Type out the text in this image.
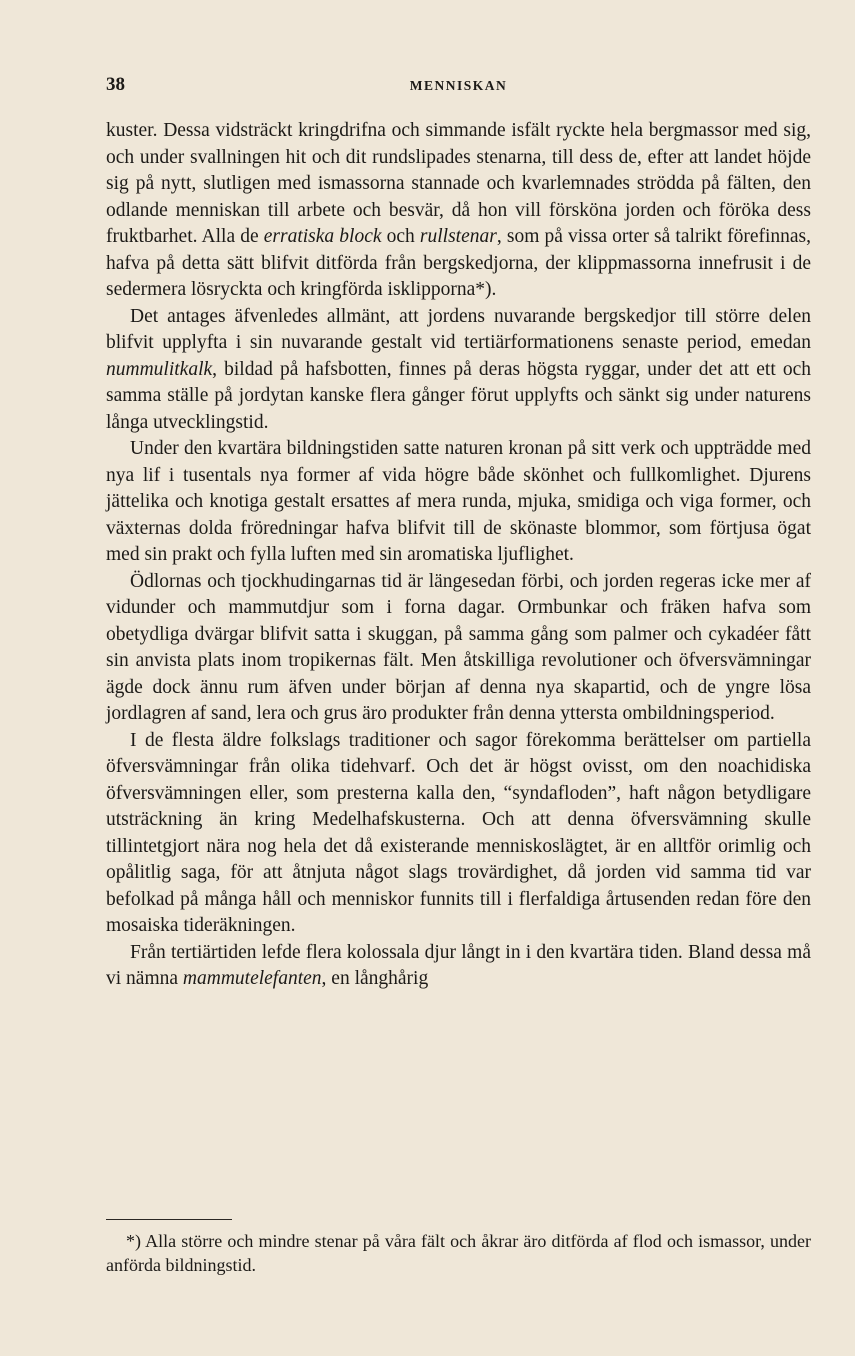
38	MENNISKAN

kuster. Dessa vidsträckt kringdrifna och simmande isfält ryckte hela bergmassor med sig, och under svallningen hit och dit rundslipades stenarna, till dess de, efter att landet höjde sig på nytt, slutligen med ismassorna stannade och kvarlemnades strödda på fälten, den odlande menniskan till arbete och besvär, då hon vill försköna jorden och föröka dess fruktbarhet. Alla de erratiska block och rullstenar, som på vissa orter så talrikt förefinnas, hafva på detta sätt blifvit ditförda från bergskedjorna, der klippmassorna innefrusit i de sedermera lösryckta och kringförda isklipporna*).

Det antages äfvenledes allmänt, att jordens nuvarande bergskedjor till större delen blifvit upplyfta i sin nuvarande gestalt vid tertiärformationens senaste period, emedan nummulitkalk, bildad på hafsbotten, finnes på deras högsta ryggar, under det att ett och samma ställe på jordytan kanske flera gånger förut upplyfts och sänkt sig under naturens långa utvecklingstid.

Under den kvartära bildningstiden satte naturen kronan på sitt verk och uppträdde med nya lif i tusentals nya former af vida högre både skönhet och fullkomlighet. Djurens jättelika och knotiga gestalt ersattes af mera runda, mjuka, smidiga och viga former, och växternas dolda fröredningar hafva blifvit till de skönaste blommor, som förtjusa ögat med sin prakt och fylla luften med sin aromatiska ljuflighet.

Ödlornas och tjockhudingarnas tid är längesedan förbi, och jorden regeras icke mer af vidunder och mammutdjur som i forna dagar. Ormbunkar och fräken hafva som obetydliga dvärgar blifvit satta i skuggan, på samma gång som palmer och cykadéer fått sin anvista plats inom tropikernas fält. Men åtskilliga revolutioner och öfversvämningar ägde dock ännu rum äfven under början af denna nya skapartid, och de yngre lösa jordlagren af sand, lera och grus äro produkter från denna yttersta ombildningsperiod.

I de flesta äldre folkslags traditioner och sagor förekomma berättelser om partiella öfversvämningar från olika tidehvarf. Och det är högst ovisst, om den noachidiska öfversvämningen eller, som presterna kalla den, “syndafloden”, haft någon betydligare utsträckning än kring Medelhafskusterna. Och att denna öfversvämning skulle tillintetgjort nära nog hela det då existerande menniskoslägtet, är en alltför orimlig och opålitlig saga, för att åtnjuta något slags trovärdighet, då jorden vid samma tid var befolkad på många håll och menniskor funnits till i flerfaldiga årtusenden redan före den mosaiska tideräkningen.

Från tertiärtiden lefde flera kolossala djur långt in i den kvartära tiden. Bland dessa må vi nämna mammutelefanten, en långhårig

*) Alla större och mindre stenar på våra fält och åkrar äro ditförda af flod och ismassor, under anförda bildningstid.
